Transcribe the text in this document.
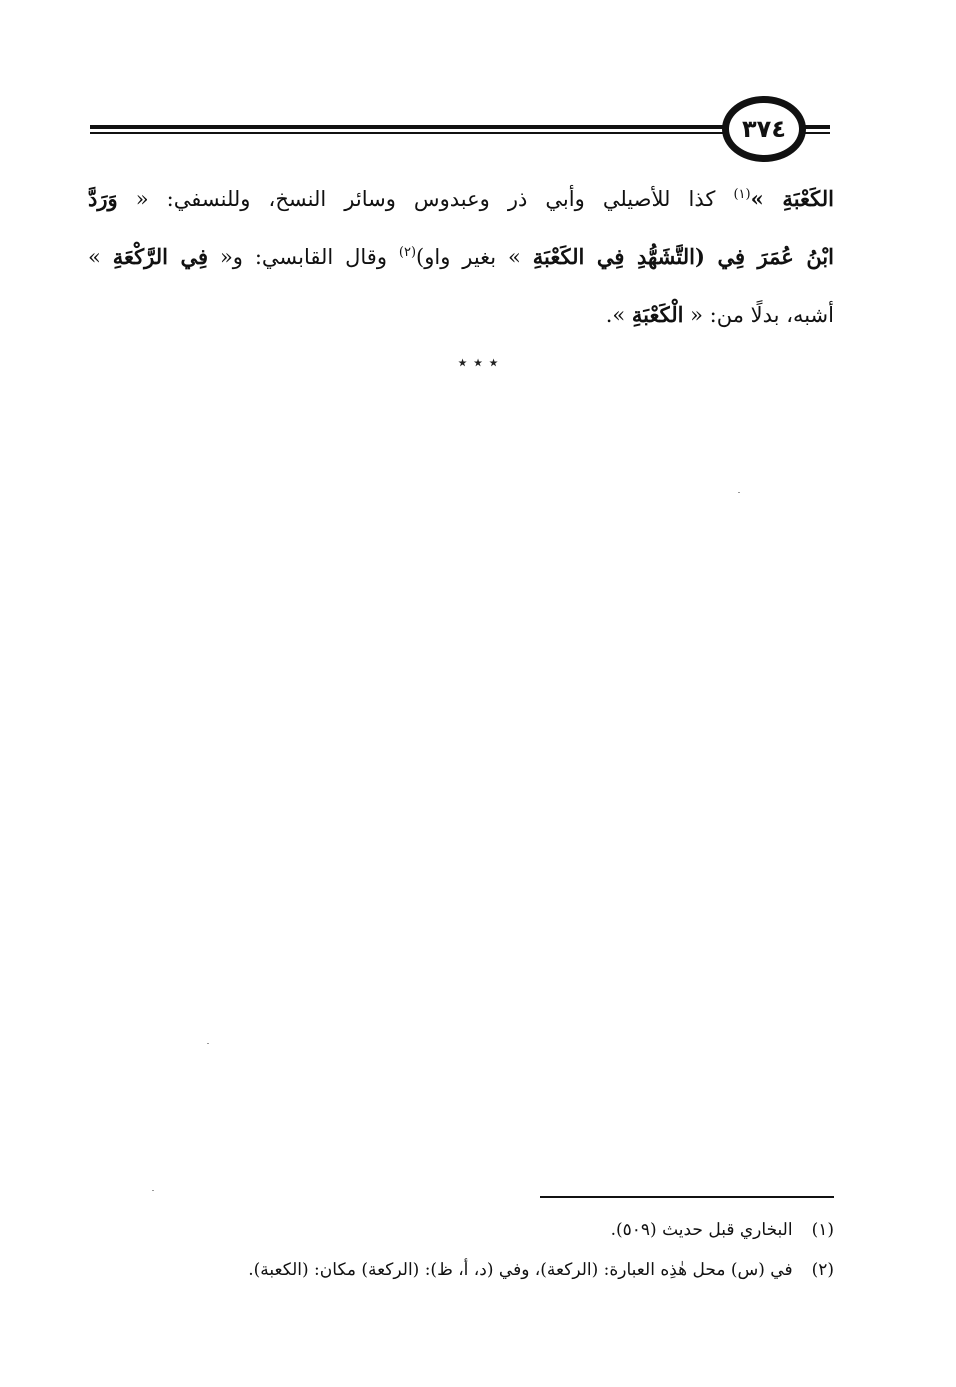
٣٧٤
الكَعْبَةِ »$^{(١)}$ كذا للأصيلي وأبي ذر وعبدوس وسائر النسخ، وللنسفي: « وَرَدَّ
ابْنُ عُمَرَ فِي (التَّشَهُّدِ فِي الكَعْبَةِ » بغير واو)$^{(٢)}$ وقال القابسي: و« فِي الرَّكْعَةِ »
أشبه، بدلًا من: « الْكَعْبَةِ ».
٭ ٭ ٭
(١) البخاري قبل حديث (٥٠٩).
(٢) في (س) محل هٰذِه العبارة: (الركعة)، وفي (د، أ، ظ): (الركعة) مكان: (الكعبة).
